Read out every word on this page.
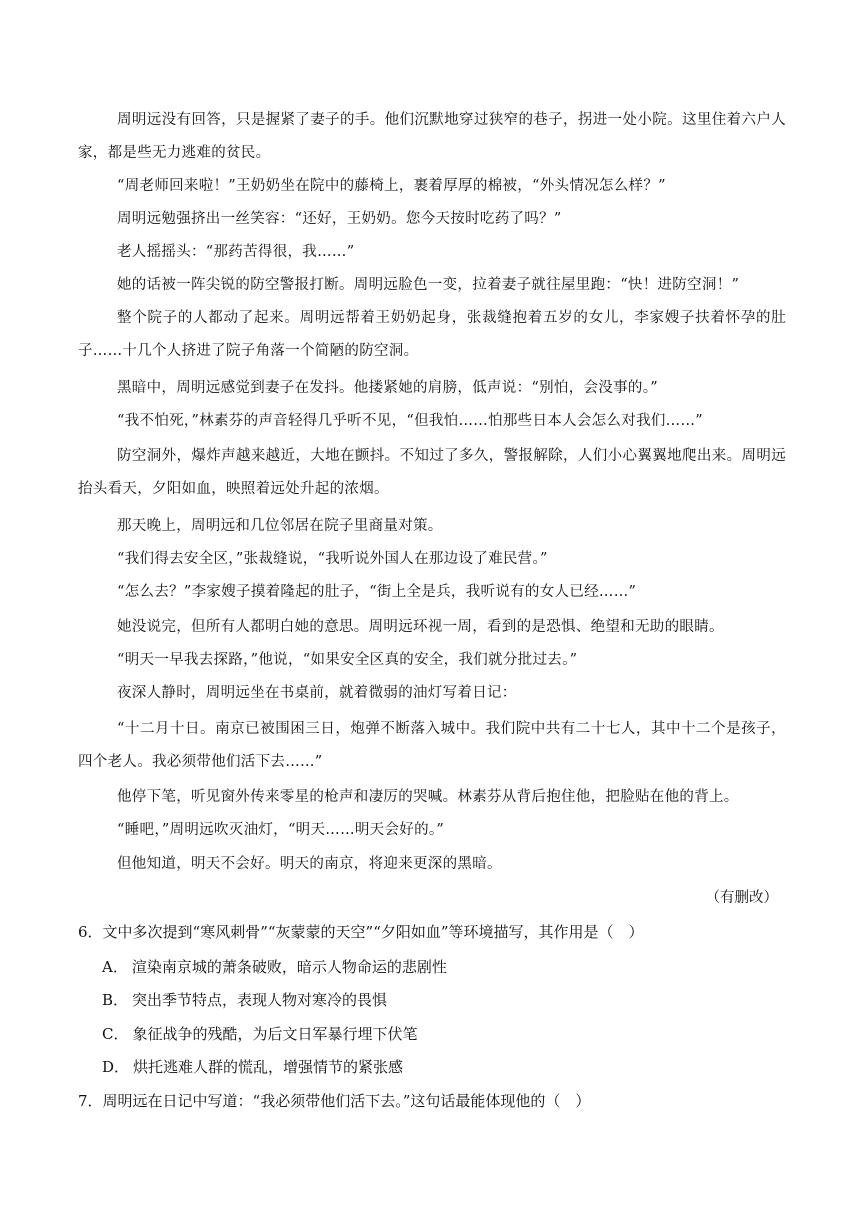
周明远没有回答，只是握紧了妻子的手。他们沉默地穿过狭窄的巷子，拐进一处小院。这里住着六户人家，都是些无力逃难的贫民。

“周老师回来啦！”王奶奶坐在院中的藤椅上，裹着厚厚的棉被，“外头情况怎么样？”

周明远勉强挤出一丝笑容：“还好，王奶奶。您今天按时吃药了吗？”

老人摇摇头：“那药苦得很，我……”

她的话被一阵尖锐的防空警报打断。周明远脸色一变，拉着妻子就往屋里跑：“快！进防空洞！”

整个院子的人都动了起来。周明远帮着王奶奶起身，张裁缝抱着五岁的女儿，李家嫂子扶着怀孕的肚子……十几个人挤进了院子角落一个简陋的防空洞。

黑暗中，周明远感觉到妻子在发抖。他搂紧她的肩膀，低声说：“别怕，会没事的。”

“我不怕死，”林素芬的声音轻得几乎听不见，“但我怕……怕那些日本人会怎么对我们……”

防空洞外，爆炸声越来越近，大地在颤抖。不知过了多久，警报解除，人们小心翼翼地爬出来。周明远抬头看天，夕阳如血，映照着远处升起的浓烟。

那天晚上，周明远和几位邻居在院子里商量对策。

“我们得去安全区，”张裁缝说，“我听说外国人在那边设了难民营。”

“怎么去？”李家嫂子摸着隆起的肚子，“街上全是兵，我听说有的女人已经……”

她没说完，但所有人都明白她的意思。周明远环视一周，看到的是恐惧、绝望和无助的眼睛。

“明天一早我去探路，”他说，“如果安全区真的安全，我们就分批过去。”

夜深人静时，周明远坐在书桌前，就着微弱的油灯写着日记：

“十二月十日。南京已被围困三日，炮弹不断落入城中。我们院中共有二十七人，其中十二个是孩子，四个老人。我必须带他们活下去……”

他停下笔，听见窗外传来零星的枪声和凄厉的哭喊。林素芬从背后抱住他，把脸贴在他的背上。

“睡吧，”周明远吹灭油灯，“明天……明天会好的。”

但他知道，明天不会好。明天的南京，将迎来更深的黑暗。

（有删改）

6．文中多次提到“寒风刺骨”“灰蒙蒙的天空”“夕阳如血”等环境描写，其作用是（　）

A． 渲染南京城的萧条破败，暗示人物命运的悲剧性

B． 突出季节特点，表现人物对寒冷的畏惧

C． 象征战争的残酷，为后文日军暴行埋下伏笔

D． 烘托逃难人群的慌乱，增强情节的紧张感

7．周明远在日记中写道：“我必须带他们活下去。”这句话最能体现他的（　）
